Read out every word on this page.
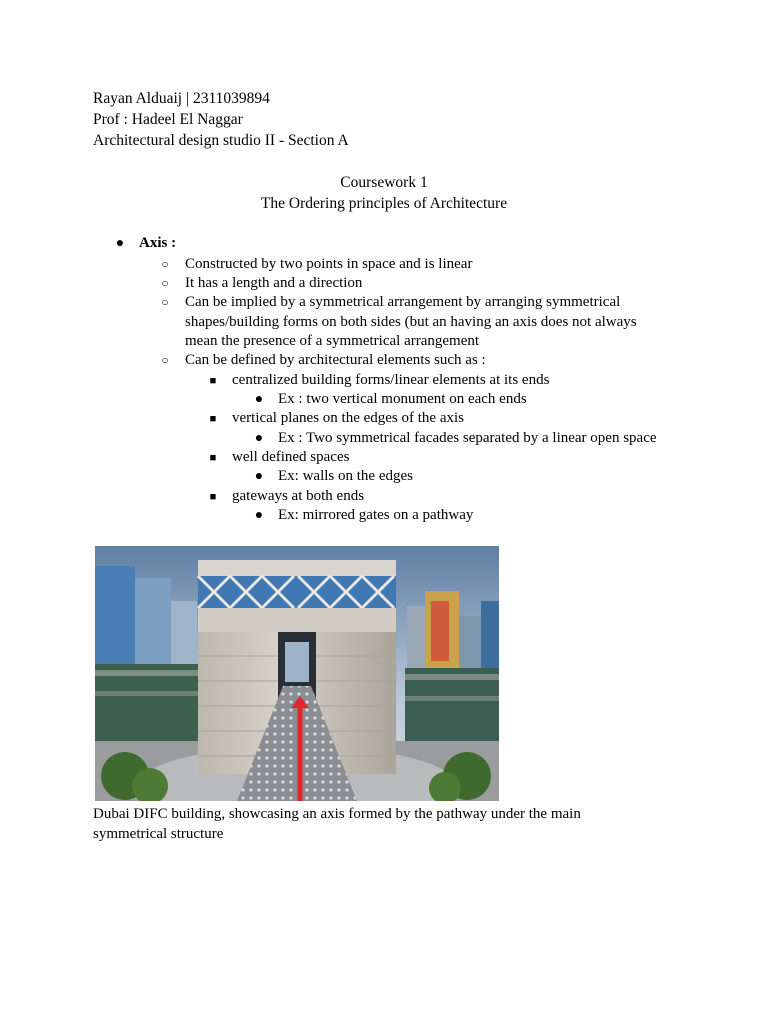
Rayan Alduaij | 2311039894
Prof : Hadeel El Naggar
Architectural design studio II - Section A
Coursework 1
The Ordering principles of Architecture
● Axis :
○	Constructed by two points in space and is linear
○	It has a length and a direction
○	Can be implied by a symmetrical arrangement by arranging symmetrical
shapes/building forms on both sides (but an having an axis does not always
mean the presence of a symmetrical arrangement
○	Can be defined by architectural elements such as :
■	centralized building forms/linear elements at its ends
● Ex : two vertical monument on each ends
■	vertical planes on the edges of the axis
● Ex : Two symmetrical facades separated by a linear open space
■	well defined spaces
● Ex: walls on the edges
■	gateways at both ends
● Ex: mirrored gates on a pathway
Dubai DIFC building, showcasing an axis formed by the pathway under the main
symmetrical structure
